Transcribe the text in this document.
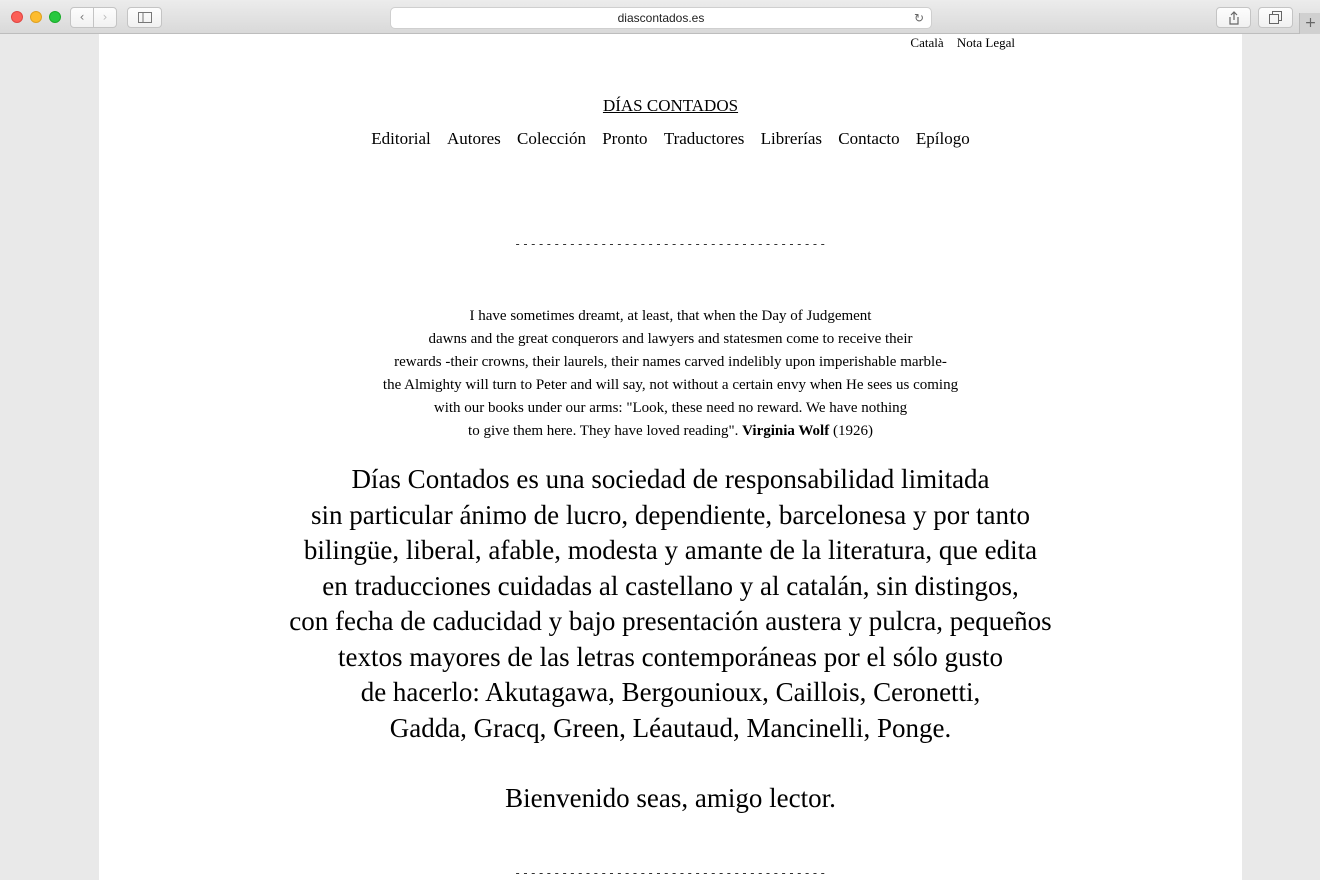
‹	›	diascontados.es	↻	+
Català Nota Legal
DÍAS CONTADOS
Editorial Autores Colección Pronto Traductores Librerías Contacto Epílogo
----------------------------------------
I have sometimes dreamt, at least, that when the Day of Judgement
dawns and the great conquerors and lawyers and statesmen come to receive their
rewards -their crowns, their laurels, their names carved indelibly upon imperishable marble-
the Almighty will turn to Peter and will say, not without a certain envy when He sees us coming
with our books under our arms: "Look, these need no reward. We have nothing
to give them here. They have loved reading". Virginia Wolf (1926)
Días Contados es una sociedad de responsabilidad limitada
sin particular ánimo de lucro, dependiente, barcelonesa y por tanto
bilingüe, liberal, afable, modesta y amante de la literatura, que edita
en traducciones cuidadas al castellano y al catalán, sin distingos,
con fecha de caducidad y bajo presentación austera y pulcra, pequeños
textos mayores de las letras contemporáneas por el sólo gusto
de hacerlo: Akutagawa, Bergounioux, Caillois, Ceronetti,
Gadda, Gracq, Green, Léautaud, Mancinelli, Ponge.
Bienvenido seas, amigo lector.
----------------------------------------
